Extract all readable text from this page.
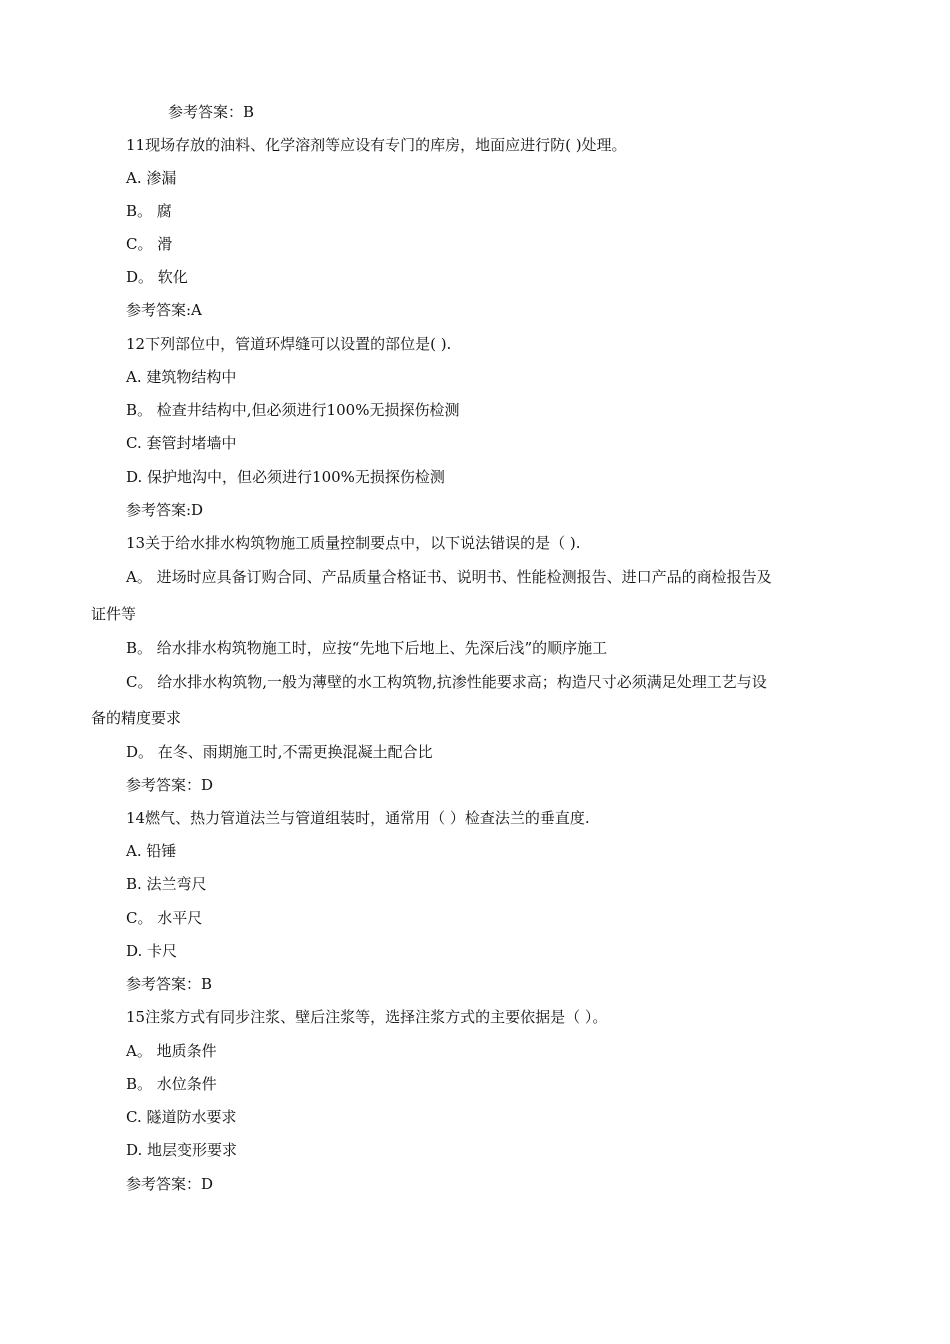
参考答案：B
11现场存放的油料、化学溶剂等应设有专门的库房，地面应进行防( )处理。
A. 渗漏
B。 腐
C。 滑
D。 软化
参考答案:A
12下列部位中，管道环焊缝可以设置的部位是( ).
A. 建筑物结构中
B。 检查井结构中,但必须进行100%无损探伤检测
C. 套管封堵墙中
D. 保护地沟中，但必须进行100%无损探伤检测
参考答案:D
13关于给水排水构筑物施工质量控制要点中，以下说法错误的是（ ).
A。 进场时应具备订购合同、产品质量合格证书、说明书、性能检测报告、进口产品的商检报告及
证件等
B。 给水排水构筑物施工时，应按“先地下后地上、先深后浅”的顺序施工
C。 给水排水构筑物,一般为薄壁的水工构筑物,抗渗性能要求高；构造尺寸必须满足处理工艺与设
备的精度要求
D。 在冬、雨期施工时,不需更换混凝土配合比
参考答案：D
14燃气、热力管道法兰与管道组装时，通常用（ ）检查法兰的垂直度.
A. 铅锤
B. 法兰弯尺
C。 水平尺
D. 卡尺
参考答案：B
15注浆方式有同步注浆、壁后注浆等，选择注浆方式的主要依据是（ ）。
A。 地质条件
B。 水位条件
C. 隧道防水要求
D. 地层变形要求
参考答案：D
